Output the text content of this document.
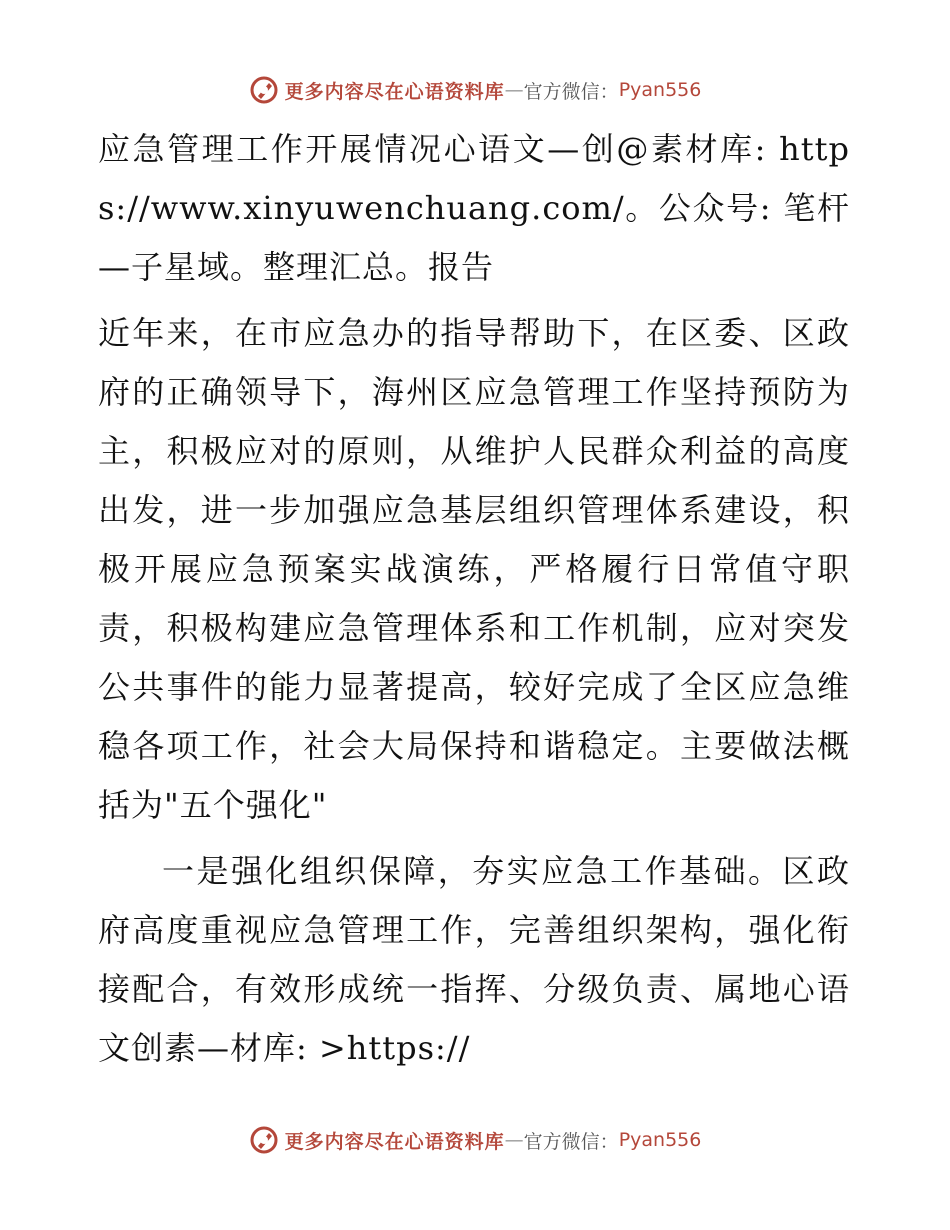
更多内容尽在心语资料库 — 官方微信： Pyan556

应急管理工作开展情况心语文—创@素材库: https://www.xinyuwenchuang.com/。公众号: 笔杆—子星域。整理汇总。报告

近年来，在市应急办的指导帮助下，在区委、区政府的正确领导下，海州区应急管理工作坚持预防为主，积极应对的原则，从维护人民群众利益的高度出发，进一步加强应急基层组织管理体系建设，积极开展应急预案实战演练，严格履行日常值守职责，积极构建应急管理体系和工作机制，应对突发公共事件的能力显著提高，较好完成了全区应急维稳各项工作，社会大局保持和谐稳定。主要做法概括为"五个强化"

一是强化组织保障，夯实应急工作基础。区政府高度重视应急管理工作，完善组织架构，强化衔接配合，有效形成统一指挥、分级负责、属地心语文创素—材库: >https://

更多内容尽在心语资料库 — 官方微信： Pyan556
